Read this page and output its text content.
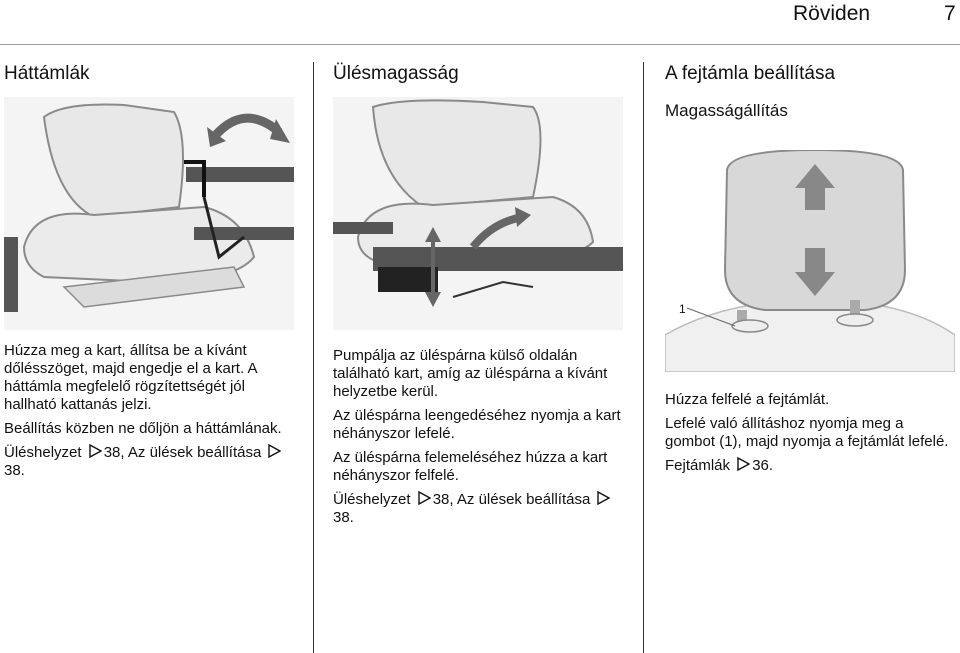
Röviden	7
Háttámlák

Húzza meg a kart, állítsa be a kívánt dőlésszöget, majd engedje el a kart. A háttámla megfelelő rögzítettségét jól hallható kattanás jelzi.

Beállítás közben ne dőljön a háttámlának.

Üléshelyzet 38, Az ülések beállítása 38.

Ülésmagasság

Pumpálja az üléspárna külső oldalán található kart, amíg az üléspárna a kívánt helyzetbe kerül.

Az üléspárna leengedéséhez nyomja a kart néhányszor lefelé.

Az üléspárna felemeléséhez húzza a kart néhányszor felfelé.

Üléshelyzet 38, Az ülések beállítása 38.

A fejtámla beállítása
Magasságállítás
1

Húzza felfelé a fejtámlát.

Lefelé való állításhoz nyomja meg a gombot (1), majd nyomja a fejtámlát lefelé.

Fejtámlák 36.
